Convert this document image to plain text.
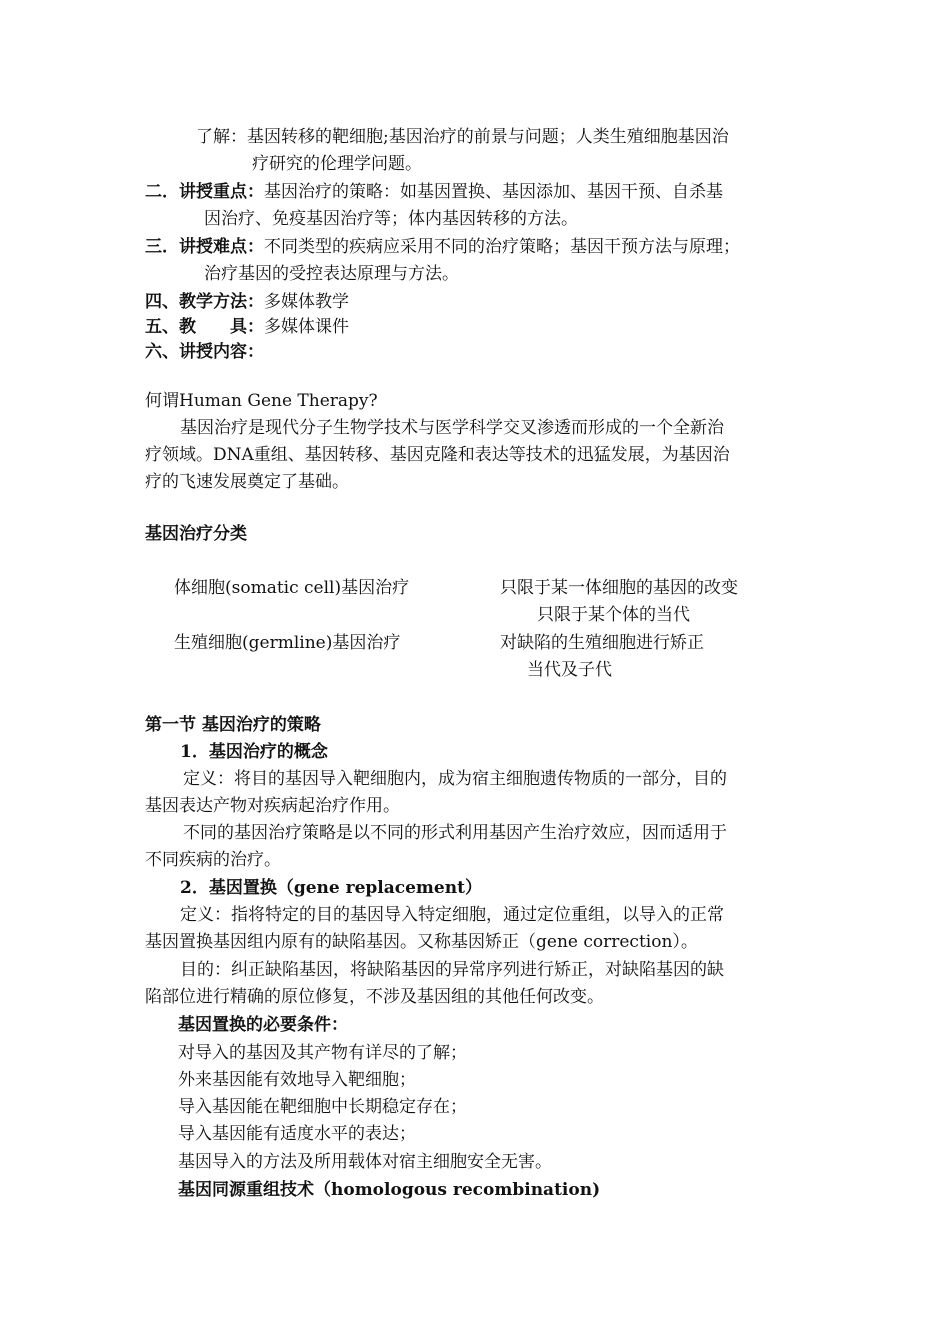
了解：基因转移的靶细胞;基因治疗的前景与问题；人类生殖细胞基因治
疗研究的伦理学问题。
二．讲授重点：基因治疗的策略：如基因置换、基因添加、基因干预、自杀基
因治疗、免疫基因治疗等；体内基因转移的方法。
三．讲授难点：不同类型的疾病应采用不同的治疗策略；基因干预方法与原理；
治疗基因的受控表达原理与方法。
四、教学方法：多媒体教学
五、教　　具：多媒体课件
六、讲授内容：
何谓Human Gene Therapy?
基因治疗是现代分子生物学技术与医学科学交叉渗透而形成的一个全新治
疗领域。DNA重组、基因转移、基因克隆和表达等技术的迅猛发展，为基因治
疗的飞速发展奠定了基础。
基因治疗分类
体细胞(somatic cell)基因治疗	只限于某一体细胞的基因的改变
只限于某个体的当代
生殖细胞(germline)基因治疗	对缺陷的生殖细胞进行矫正
当代及子代
第一节 基因治疗的策略
1．基因治疗的概念
定义：将目的基因导入靶细胞内，成为宿主细胞遗传物质的一部分，目的
基因表达产物对疾病起治疗作用。
不同的基因治疗策略是以不同的形式利用基因产生治疗效应，因而适用于
不同疾病的治疗。
2．基因置换（gene replacement）
定义：指将特定的目的基因导入特定细胞，通过定位重组，以导入的正常
基因置换基因组内原有的缺陷基因。又称基因矫正（gene correction）。
目的：纠正缺陷基因，将缺陷基因的异常序列进行矫正，对缺陷基因的缺
陷部位进行精确的原位修复，不涉及基因组的其他任何改变。
基因置换的必要条件：
对导入的基因及其产物有详尽的了解；
外来基因能有效地导入靶细胞；
导入基因能在靶细胞中长期稳定存在；
导入基因能有适度水平的表达；
基因导入的方法及所用载体对宿主细胞安全无害。
基因同源重组技术（homologous recombination)
